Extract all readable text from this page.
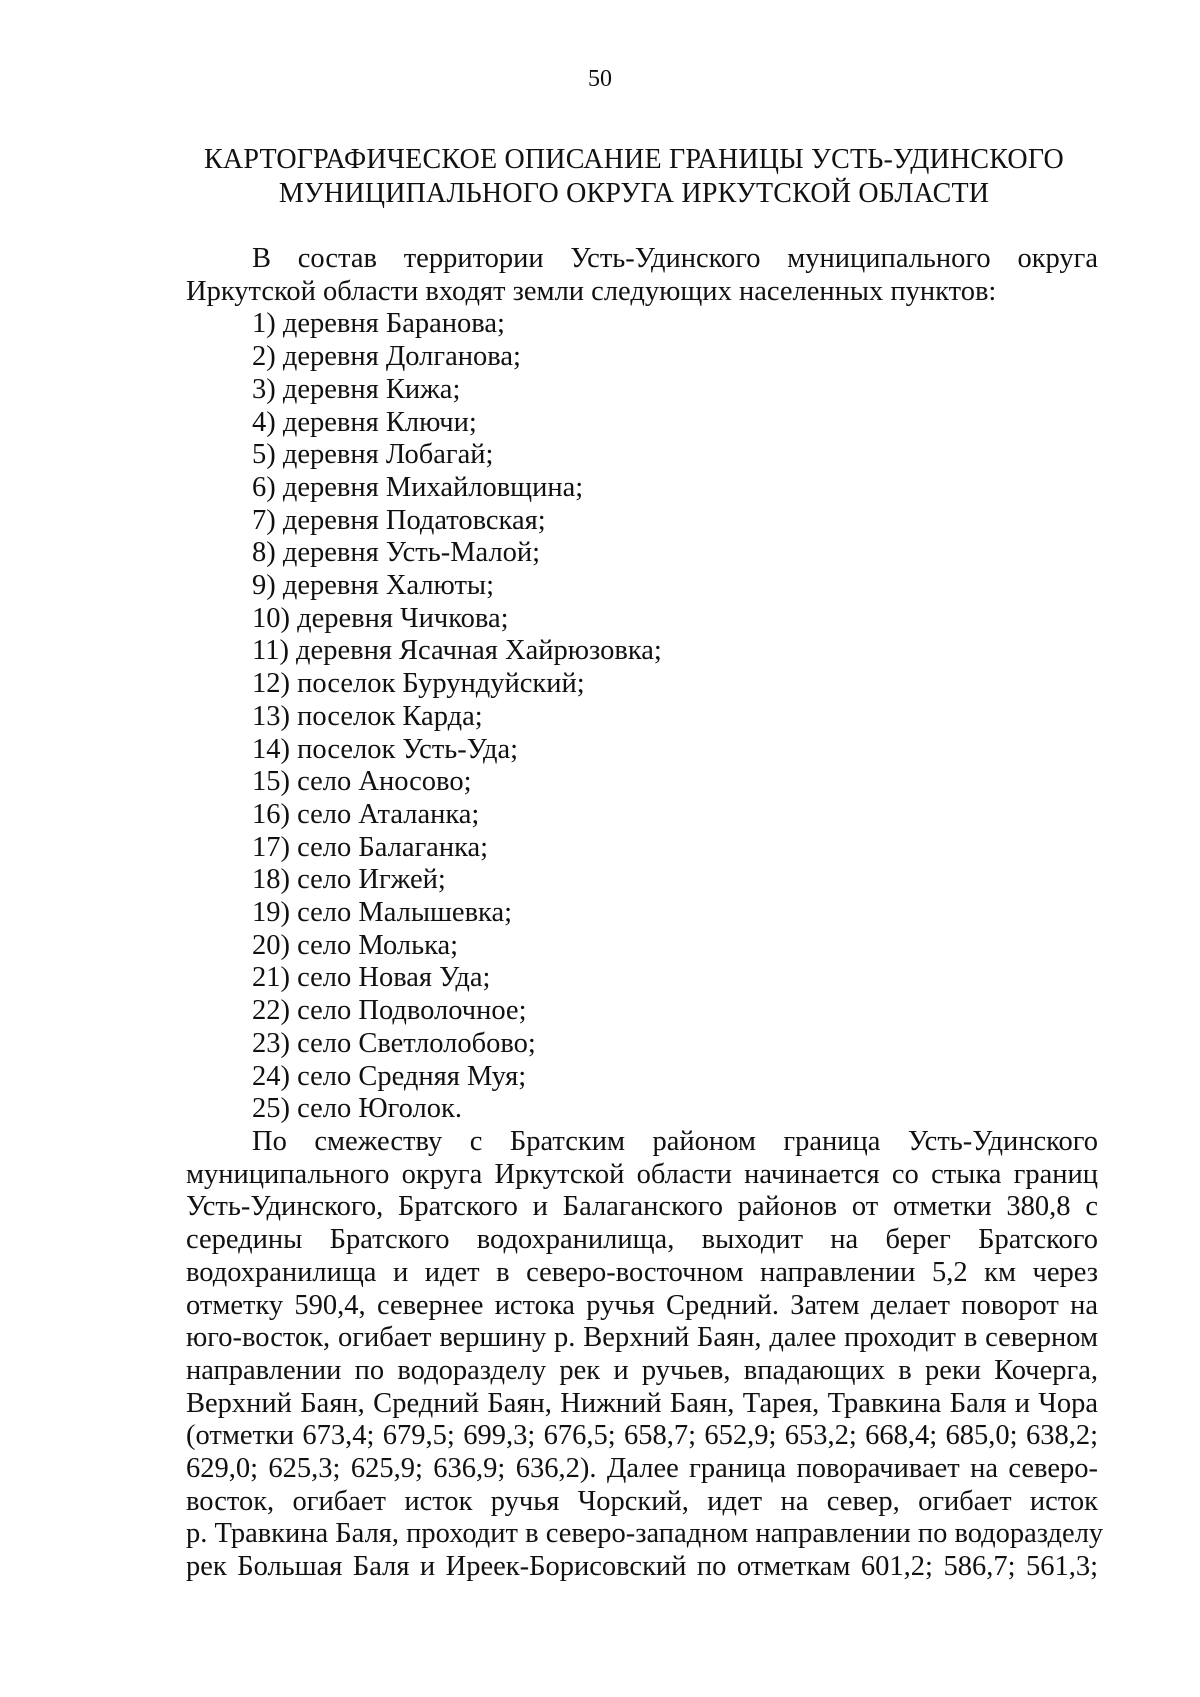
50
КАРТОГРАФИЧЕСКОЕ ОПИСАНИЕ ГРАНИЦЫ УСТЬ-УДИНСКОГО
МУНИЦИПАЛЬНОГО ОКРУГА ИРКУТСКОЙ ОБЛАСТИ
В состав территории Усть-Удинского муниципального округа
Иркутской области входят земли следующих населенных пунктов:
1) деревня Баранова;
2) деревня Долганова;
3) деревня Кижа;
4) деревня Ключи;
5) деревня Лобагай;
6) деревня Михайловщина;
7) деревня Податовская;
8) деревня Усть-Малой;
9) деревня Халюты;
10) деревня Чичкова;
11) деревня Ясачная Хайрюзовка;
12) поселок Бурундуйский;
13) поселок Карда;
14) поселок Усть-Уда;
15) село Аносово;
16) село Аталанка;
17) село Балаганка;
18) село Игжей;
19) село Малышевка;
20) село Молька;
21) село Новая Уда;
22) село Подволочное;
23) село Светлолобово;
24) село Средняя Муя;
25) село Юголок.
По смежеству с Братским районом граница Усть-Удинского
муниципального округа Иркутской области начинается со стыка границ
Усть-Удинского, Братского и Балаганского районов от отметки 380,8 с
середины Братского водохранилища, выходит на берег Братского
водохранилища и идет в северо-восточном направлении 5,2 км через
отметку 590,4, севернее истока ручья Средний. Затем делает поворот на
юго-восток, огибает вершину р. Верхний Баян, далее проходит в северном
направлении по водоразделу рек и ручьев, впадающих в реки Кочерга,
Верхний Баян, Средний Баян, Нижний Баян, Тарея, Травкина Баля и Чора
(отметки 673,4; 679,5; 699,3; 676,5; 658,7; 652,9; 653,2; 668,4; 685,0; 638,2;
629,0; 625,3; 625,9; 636,9; 636,2). Далее граница поворачивает на северо-
восток, огибает исток ручья Чорский, идет на север, огибает исток
р. Травкина Баля, проходит в северо-западном направлении по водоразделу
рек Большая Баля и Иреек-Борисовский по отметкам 601,2; 586,7; 561,3;
